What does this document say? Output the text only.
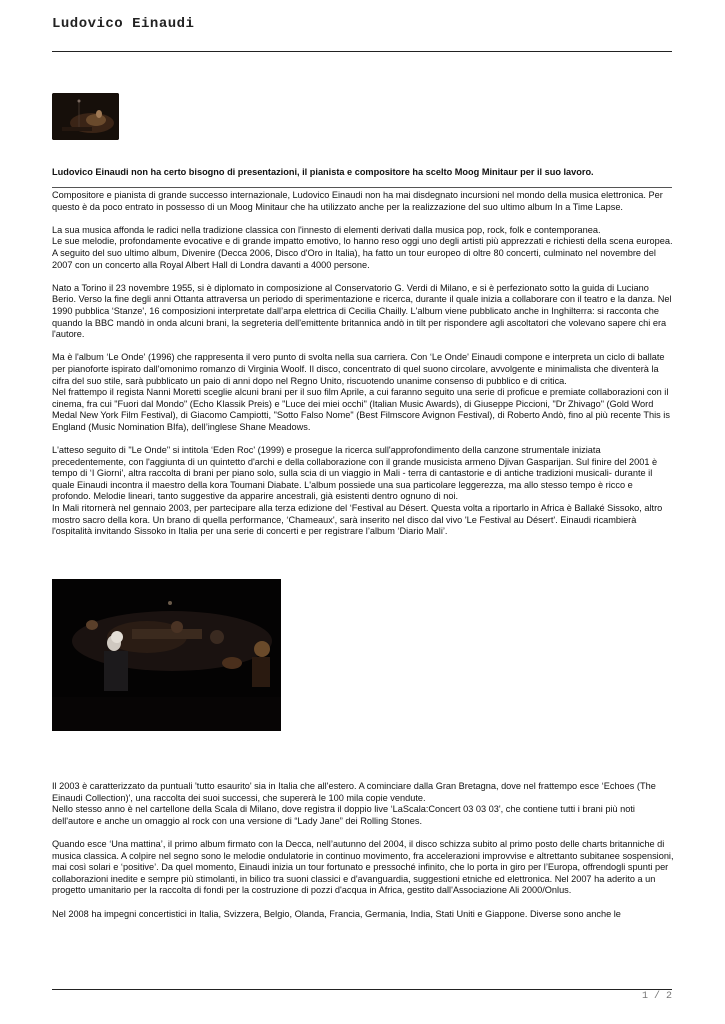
Ludovico Einaudi
Ludovico Einaudi non ha certo bisogno di presentazioni, il pianista e compositore ha scelto Moog Minitaur per il suo lavoro.

Compositore e pianista di grande successo internazionale, Ludovico Einaudi non ha mai disdegnato incursioni nel mondo della musica elettronica. Per questo è da poco entrato in possesso di un Moog Minitaur che ha utilizzato anche per la realizzazione del suo ultimo album In a Time Lapse.

La sua musica affonda le radici nella tradizione classica con l'innesto di elementi derivati dalla musica pop, rock, folk e contemporanea.
Le sue melodie, profondamente evocative e di grande impatto emotivo, lo hanno reso oggi uno degli artisti più apprezzati e richiesti della scena europea. A seguito del suo ultimo album, Divenire (Decca 2006, Disco d'Oro in Italia), ha fatto un tour europeo di oltre 80 concerti, culminato nel novembre del 2007 con un concerto alla Royal Albert Hall di Londra davanti a 4000 persone.

Nato a Torino il 23 novembre 1955, si è diplomato in composizione al Conservatorio G. Verdi di Milano, e si è perfezionato sotto la guida di Luciano Berio. Verso la fine degli anni Ottanta attraversa un periodo di sperimentazione e ricerca, durante il quale inizia a collaborare con il teatro e la danza. Nel 1990 pubblica ‘Stanze', 16 composizioni interpretate dall’arpa elettrica di Cecilia Chailly. L'album viene pubblicato anche in Inghilterra: si racconta che quando la BBC mandò in onda alcuni brani, la segreteria dell'emittente britannica andò in tilt per rispondere agli ascoltatori che volevano sapere chi era l'autore.

Ma è l'album ‘Le Onde' (1996) che rappresenta il vero punto di svolta nella sua carriera. Con ‘Le Onde' Einaudi compone e interpreta un ciclo di ballate per pianoforte ispirato dall'omonimo romanzo di Virginia Woolf. Il disco, concentrato di quel suono circolare, avvolgente e minimalista che diventerà la cifra del suo stile, sarà pubblicato un paio di anni dopo nel Regno Unito, riscuotendo unanime consenso di pubblico e di critica.
Nel frattempo il regista Nanni Moretti sceglie alcuni brani per il suo film Aprile, a cui faranno seguito una serie di proficue e premiate collaborazioni con il cinema, fra cui "Fuori dal Mondo" (Echo Klassik Preis) e "Luce dei miei occhi" (Italian Music Awards), di Giuseppe Piccioni, "Dr Zhivago" (Gold Word Medal New York Film Festival), di Giacomo Campiotti, "Sotto Falso Nome" (Best Filmscore Avignon Festival), di Roberto Andò, fino al più recente This is England (Music Nomination BIfa), dell’inglese Shane Meadows.

L'atteso seguito di "Le Onde" si intitola ‘Eden Roc' (1999) e prosegue la ricerca sull'approfondimento della canzone strumentale iniziata precedentemente, con l'aggiunta di un quintetto d'archi e della collaborazione con il grande musicista armeno Djivan Gasparijan. Sul finire del 2001 è tempo di ‘I Giorni', altra raccolta di brani per piano solo, sulla scia di un viaggio in Mali - terra di cantastorie e di antiche tradizioni musicali- durante il quale Einaudi incontra il maestro della kora Toumani Diabate. L'album possiede una sua particolare leggerezza, ma allo stesso tempo è ricco e profondo. Melodie lineari, tanto suggestive da apparire ancestrali, già esistenti dentro ognuno di noi.
In Mali ritornerà nel gennaio 2003, per partecipare alla terza edizione del ‘Festival au Désert. Questa volta a riportarlo in Africa è Ballaké Sissoko, altro mostro sacro della kora. Un brano di quella performance, ‘Chameaux', sarà inserito nel disco dal vivo 'Le Festival au Désert'. Einaudi ricambierà l'ospitalità invitando Sissoko in Italia per una serie di concerti e per registrare l’album ‘Diario Mali’.

Il 2003 è caratterizzato da puntuali 'tutto esaurito' sia in Italia che all'estero. A cominciare dalla Gran Bretagna, dove nel frattempo esce ‘Echoes (The Einaudi Collection)', una raccolta dei suoi successi, che supererà le 100 mila copie vendute.
Nello stesso anno è nel cartellone della Scala di Milano, dove registra il doppio live ‘LaScala:Concert 03 03 03', che contiene tutti i brani più noti dell'autore e anche un omaggio al rock con una versione di “Lady Jane” dei Rolling Stones.

Quando esce ‘Una mattina’, il primo album firmato con la Decca, nell’autunno del 2004, il disco schizza subito al primo posto delle charts britanniche di musica classica. A colpire nel segno sono le melodie ondulatorie in continuo movimento, fra accelerazioni improvvise e altrettanto subitanee sospensioni, mai così solari e ‘positive’. Da quel momento, Einaudi inizia un tour fortunato e pressoché infinito, che lo porta in giro per l’Europa, offrendogli spunti per collaborazioni inedite e sempre più stimolanti, in bilico tra suoni classici e d'avanguardia, suggestioni etniche ed elettronica. Nel 2007 ha aderito a un progetto umanitario per la raccolta di fondi per la costruzione di pozzi d'acqua in Africa, gestito dall'Associazione Ali 2000/Onlus.

Nel 2008 ha impegni concertistici in Italia, Svizzera, Belgio, Olanda, Francia, Germania, India, Stati Uniti e Giappone. Diverse sono anche le

1 / 2
